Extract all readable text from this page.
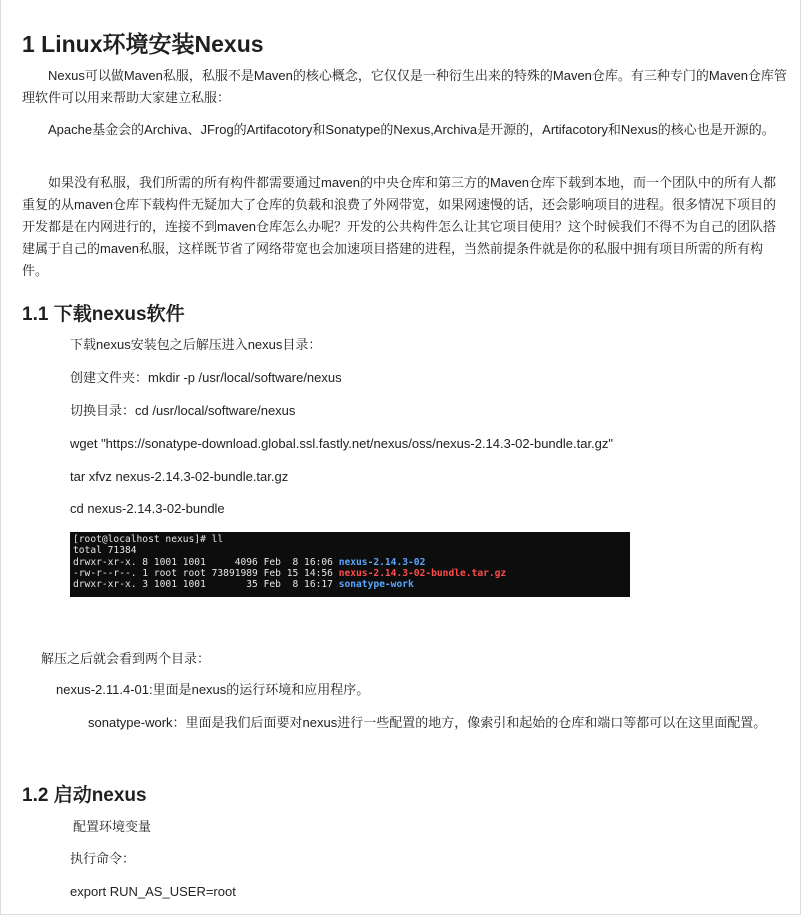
1 Linux环境安装Nexus
Nexus可以做Maven私服，私服不是Maven的核心概念，它仅仅是一种衍生出来的特殊的Maven仓库。有三种专门的Maven仓库管理软件可以用来帮助大家建立私服：
Apache基金会的Archiva、JFrog的Artifacotory和Sonatype的Nexus,Archiva是开源的，Artifacotory和Nexus的核心也是开源的。
如果没有私服，我们所需的所有构件都需要通过maven的中央仓库和第三方的Maven仓库下载到本地，而一个团队中的所有人都重复的从maven仓库下载构件无疑加大了仓库的负载和浪费了外网带宽，如果网速慢的话，还会影响项目的进程。很多情况下项目的开发都是在内网进行的，连接不到maven仓库怎么办呢？开发的公共构件怎么让其它项目使用？这个时候我们不得不为自己的团队搭建属于自己的maven私服，这样既节省了网络带宽也会加速项目搭建的进程，当然前提条件就是你的私服中拥有项目所需的所有构件。
1.1 下载nexus软件
下载nexus安装包之后解压进入nexus目录：
创建文件夹：mkdir -p /usr/local/software/nexus
切换目录：cd /usr/local/software/nexus
wget "https://sonatype-download.global.ssl.fastly.net/nexus/oss/nexus-2.14.3-02-bundle.tar.gz"
tar xfvz nexus-2.14.3-02-bundle.tar.gz
cd nexus-2.14.3-02-bundle
[root@localhost nexus]# ll
total 71384
drwxr-xr-x. 8 1001 1001     4096 Feb  8 16:06 nexus-2.14.3-02
-rw-r--r--. 1 root root 73891989 Feb 15 14:56 nexus-2.14.3-02-bundle.tar.gz
drwxr-xr-x. 3 1001 1001       35 Feb  8 16:17 sonatype-work
解压之后就会看到两个目录：
nexus-2.11.4-01:里面是nexus的运行环境和应用程序。
sonatype-work：里面是我们后面要对nexus进行一些配置的地方，像索引和起始的仓库和端口等都可以在这里面配置。
1.2 启动nexus
配置环境变量
执行命令：
export RUN_AS_USER=root
